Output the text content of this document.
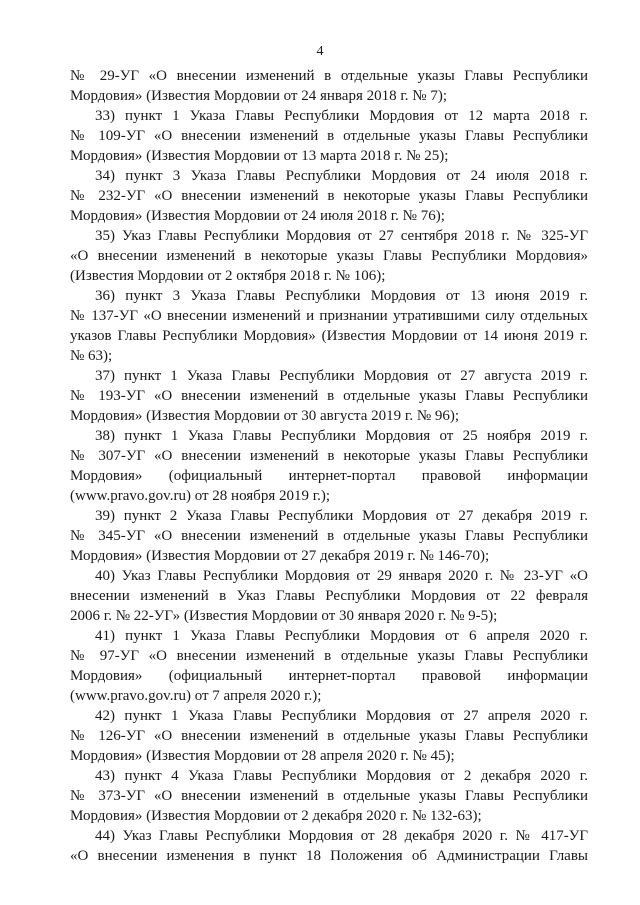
4

№ 29-УГ «О внесении изменений в отдельные указы Главы Республики

Мордовия» (Известия Мордовии от 24 января 2018 г. № 7);

33) пункт 1 Указа Главы Республики Мордовия от 12 марта 2018 г.

№ 109-УГ «О внесении изменений в отдельные указы Главы Республики

Мордовия» (Известия Мордовии от 13 марта 2018 г. № 25);

34) пункт 3 Указа Главы Республики Мордовия от 24 июля 2018 г.

№ 232-УГ «О внесении изменений в некоторые указы Главы Республики

Мордовия» (Известия Мордовии от 24 июля 2018 г. № 76);

35) Указ Главы Республики Мордовия от 27 сентября 2018 г. № 325-УГ

«О внесении изменений в некоторые указы Главы Республики Мордовия»

(Известия Мордовии от 2 октября 2018 г. № 106);

36) пункт 3 Указа Главы Республики Мордовия от 13 июня 2019 г.

№ 137-УГ «О внесении изменений и признании утратившими силу отдельных

указов Главы Республики Мордовия» (Известия Мордовии от 14 июня 2019 г.

№ 63);

37) пункт 1 Указа Главы Республики Мордовия от 27 августа 2019 г.

№ 193-УГ «О внесении изменений в отдельные указы Главы Республики

Мордовия» (Известия Мордовии от 30 августа 2019 г. № 96);

38) пункт 1 Указа Главы Республики Мордовия от 25 ноября 2019 г.

№ 307-УГ «О внесении изменений в некоторые указы Главы Республики

Мордовия» (официальный интернет-портал правовой информации

(www.pravo.gov.ru) от 28 ноября 2019 г.);

39) пункт 2 Указа Главы Республики Мордовия от 27 декабря 2019 г.

№ 345-УГ «О внесении изменений в отдельные указы Главы Республики

Мордовия» (Известия Мордовии от 27 декабря 2019 г. № 146-70);

40) Указ Главы Республики Мордовия от 29 января 2020 г. № 23-УГ «О

внесении изменений в Указ Главы Республики Мордовия от 22 февраля

2006 г. № 22-УГ» (Известия Мордовии от 30 января 2020 г. № 9-5);

41) пункт 1 Указа Главы Республики Мордовия от 6 апреля 2020 г.

№ 97-УГ «О внесении изменений в отдельные указы Главы Республики

Мордовия» (официальный интернет-портал правовой информации

(www.pravo.gov.ru) от 7 апреля 2020 г.);

42) пункт 1 Указа Главы Республики Мордовия от 27 апреля 2020 г.

№ 126-УГ «О внесении изменений в отдельные указы Главы Республики

Мордовия» (Известия Мордовии от 28 апреля 2020 г. № 45);

43) пункт 4 Указа Главы Республики Мордовия от 2 декабря 2020 г.

№ 373-УГ «О внесении изменений в отдельные указы Главы Республики

Мордовия» (Известия Мордовии от 2 декабря 2020 г. № 132-63);

44) Указ Главы Республики Мордовия от 28 декабря 2020 г. № 417-УГ

«О внесении изменения в пункт 18 Положения об Администрации Главы
